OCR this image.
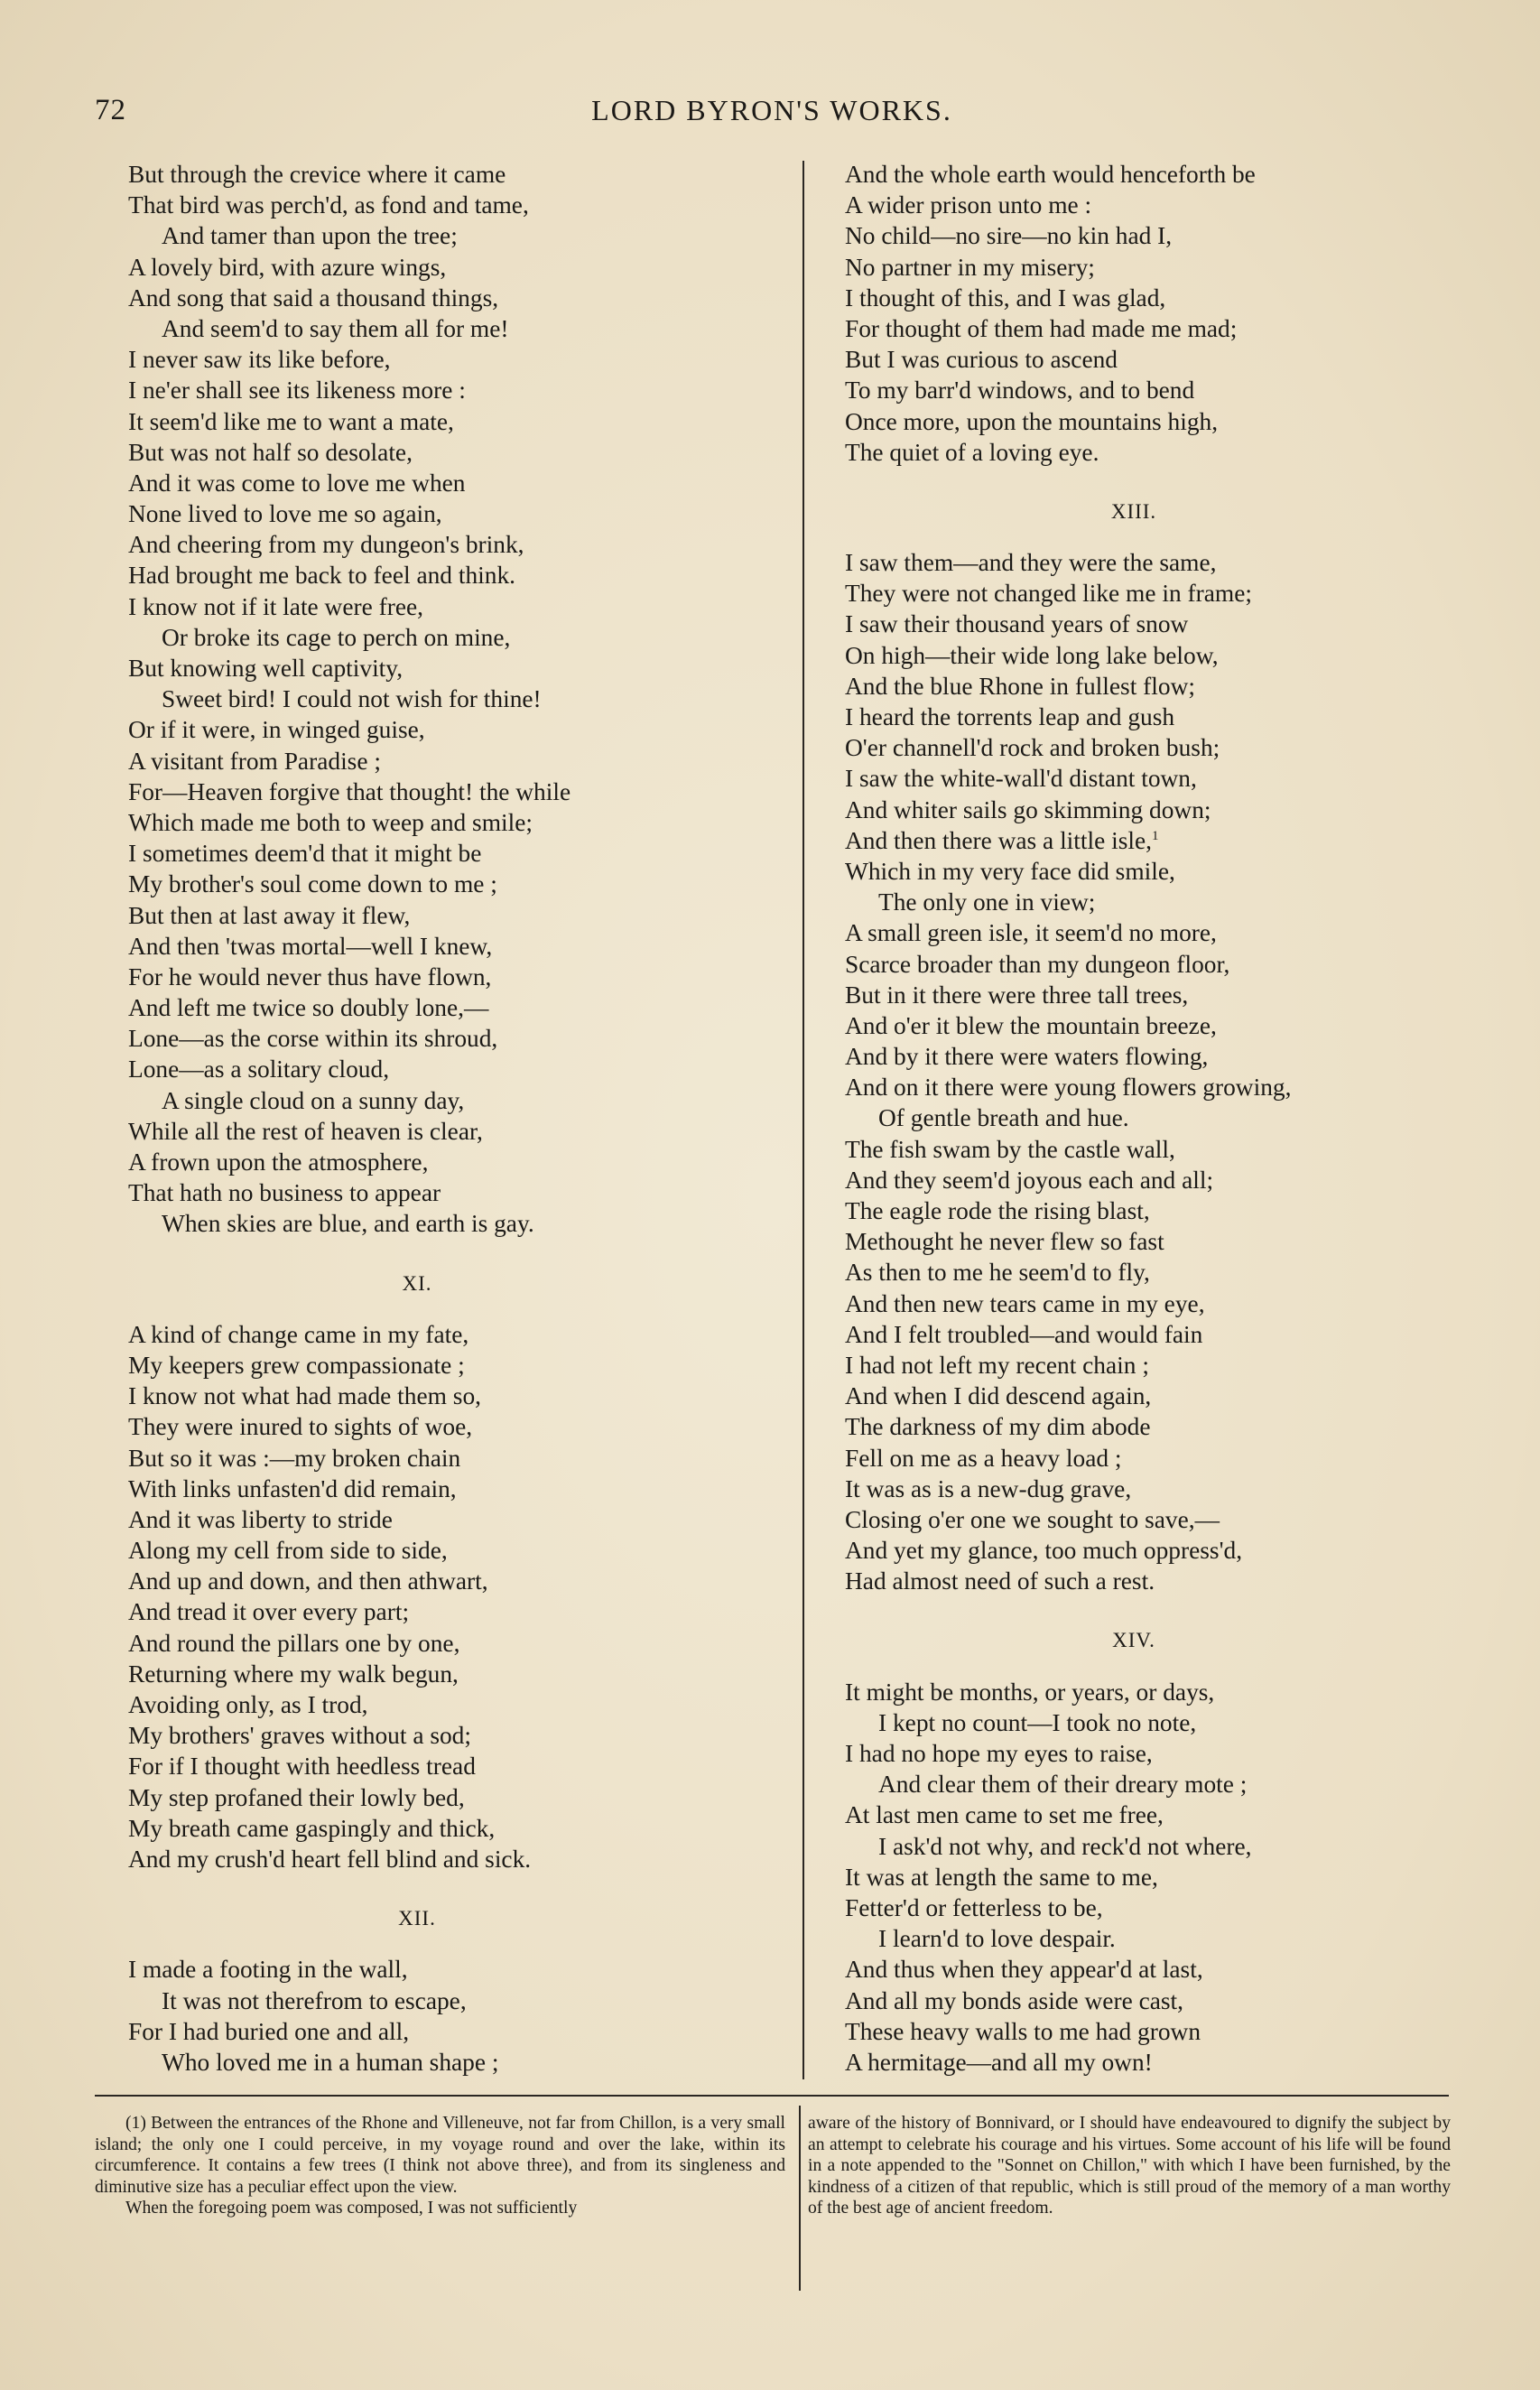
72	LORD BYRON'S WORKS.
But through the crevice where it came
That bird was perch'd, as fond and tame,
And tamer than upon the tree;
A lovely bird, with azure wings,
And song that said a thousand things,
And seem'd to say them all for me!
I never saw its like before,
I ne'er shall see its likeness more :
It seem'd like me to want a mate,
But was not half so desolate,
And it was come to love me when
None lived to love me so again,
And cheering from my dungeon's brink,
Had brought me back to feel and think.
I know not if it late were free,
Or broke its cage to perch on mine,
But knowing well captivity,
Sweet bird! I could not wish for thine!
Or if it were, in winged guise,
A visitant from Paradise ;
For—Heaven forgive that thought! the while
Which made me both to weep and smile;
I sometimes deem'd that it might be
My brother's soul come down to me ;
But then at last away it flew,
And then 'twas mortal—well I knew,
For he would never thus have flown,
And left me twice so doubly lone,—
Lone—as the corse within its shroud,
Lone—as a solitary cloud,
A single cloud on a sunny day,
While all the rest of heaven is clear,
A frown upon the atmosphere,
That hath no business to appear
When skies are blue, and earth is gay.
XI.
A kind of change came in my fate,
My keepers grew compassionate ;
I know not what had made them so,
They were inured to sights of woe,
But so it was :—my broken chain
With links unfasten'd did remain,
And it was liberty to stride
Along my cell from side to side,
And up and down, and then athwart,
And tread it over every part;
And round the pillars one by one,
Returning where my walk begun,
Avoiding only, as I trod,
My brothers' graves without a sod;
For if I thought with heedless tread
My step profaned their lowly bed,
My breath came gaspingly and thick,
And my crush'd heart fell blind and sick.
XII.
I made a footing in the wall,
It was not therefrom to escape,
For I had buried one and all,
Who loved me in a human shape ;
And the whole earth would henceforth be
A wider prison unto me :
No child—no sire—no kin had I,
No partner in my misery;
I thought of this, and I was glad,
For thought of them had made me mad;
But I was curious to ascend
To my barr'd windows, and to bend
Once more, upon the mountains high,
The quiet of a loving eye.
XIII.
I saw them—and they were the same,
They were not changed like me in frame;
I saw their thousand years of snow
On high—their wide long lake below,
And the blue Rhone in fullest flow;
I heard the torrents leap and gush
O'er channell'd rock and broken bush;
I saw the white-wall'd distant town,
And whiter sails go skimming down;
And then there was a little isle,$^1$
Which in my very face did smile,
The only one in view;
A small green isle, it seem'd no more,
Scarce broader than my dungeon floor,
But in it there were three tall trees,
And o'er it blew the mountain breeze,
And by it there were waters flowing,
And on it there were young flowers growing,
Of gentle breath and hue.
The fish swam by the castle wall,
And they seem'd joyous each and all;
The eagle rode the rising blast,
Methought he never flew so fast
As then to me he seem'd to fly,
And then new tears came in my eye,
And I felt troubled—and would fain
I had not left my recent chain ;
And when I did descend again,
The darkness of my dim abode
Fell on me as a heavy load ;
It was as is a new-dug grave,
Closing o'er one we sought to save,—
And yet my glance, too much oppress'd,
Had almost need of such a rest.
XIV.
It might be months, or years, or days,
I kept no count—I took no note,
I had no hope my eyes to raise,
And clear them of their dreary mote ;
At last men came to set me free,
I ask'd not why, and reck'd not where,
It was at length the same to me,
Fetter'd or fetterless to be,
I learn'd to love despair.
And thus when they appear'd at last,
And all my bonds aside were cast,
These heavy walls to me had grown
A hermitage—and all my own!

(1) Between the entrances of the Rhone and Villeneuve, not far from Chillon, is a very small island; the only one I could perceive, in my voyage round and over the lake, within its circumference. It contains a few trees (I think not above three), and from its singleness and diminutive size has a peculiar effect upon the view.

When the foregoing poem was composed, I was not sufficiently

aware of the history of Bonnivard, or I should have endeavoured to dignify the subject by an attempt to celebrate his courage and his virtues. Some account of his life will be found in a note appended to the "Sonnet on Chillon," with which I have been furnished, by the kindness of a citizen of that republic, which is still proud of the memory of a man worthy of the best age of ancient freedom.
